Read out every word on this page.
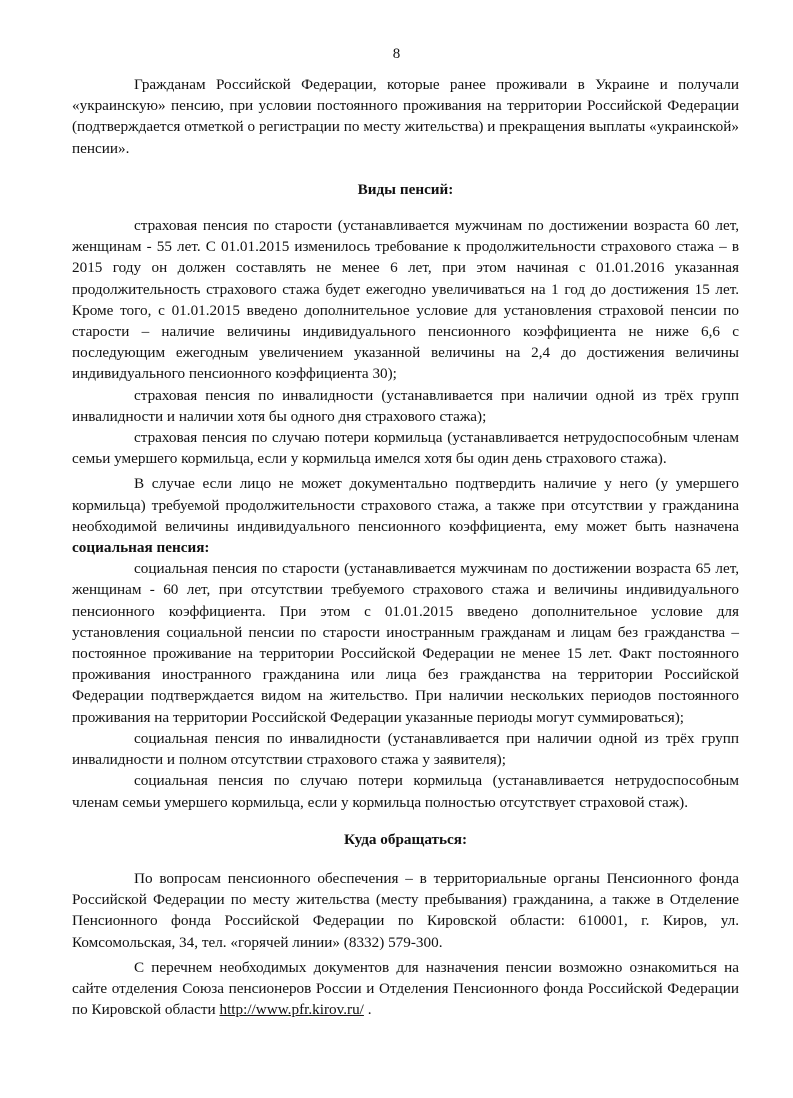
8

Гражданам Российской Федерации, которые ранее проживали в Украине и получали «украинскую» пенсию, при условии постоянного проживания на территории Российской Федерации (подтверждается отметкой о регистрации по месту жительства) и прекращения выплаты «украинской» пенсии».

Виды пенсий:

страховая пенсия по старости (устанавливается мужчинам по достижении возраста 60 лет, женщинам - 55 лет. С 01.01.2015 изменилось требование к продолжительности страхового стажа – в 2015 году он должен составлять не менее 6 лет, при этом начиная с 01.01.2016 указанная продолжительность страхового стажа будет ежегодно увеличиваться на 1 год до достижения 15 лет. Кроме того, с 01.01.2015 введено дополнительное условие для установления страховой пенсии по старости – наличие величины индивидуального пенсионного коэффициента не ниже 6,6 с последующим ежегодным увеличением указанной величины на 2,4 до достижения величины индивидуального пенсионного коэффициента 30);

страховая пенсия по инвалидности (устанавливается при наличии одной из трёх групп инвалидности и наличии хотя бы одного дня страхового стажа);

страховая пенсия по случаю потери кормильца (устанавливается нетрудоспособным членам семьи умершего кормильца, если у кормильца имелся хотя бы один день страхового стажа).

В случае если лицо не может документально подтвердить наличие у него (у умершего кормильца) требуемой продолжительности страхового стажа, а также при отсутствии у гражданина необходимой величины индивидуального пенсионного коэффициента, ему может быть назначена социальная пенсия:

социальная пенсия по старости (устанавливается мужчинам по достижении возраста 65 лет, женщинам - 60 лет, при отсутствии требуемого страхового стажа и величины индивидуального пенсионного коэффициента. При этом с 01.01.2015 введено дополнительное условие для установления социальной пенсии по старости иностранным гражданам и лицам без гражданства – постоянное проживание на территории Российской Федерации не менее 15 лет. Факт постоянного проживания иностранного гражданина или лица без гражданства на территории Российской Федерации подтверждается видом на жительство. При наличии нескольких периодов постоянного проживания на территории Российской Федерации указанные периоды могут суммироваться);

социальная пенсия по инвалидности (устанавливается при наличии одной из трёх групп инвалидности и полном отсутствии страхового стажа у заявителя);

социальная пенсия по случаю потери кормильца (устанавливается нетрудоспособным членам семьи умершего кормильца, если у кормильца полностью отсутствует страховой стаж).

Куда обращаться:

По вопросам пенсионного обеспечения – в территориальные органы Пенсионного фонда Российской Федерации по месту жительства (месту пребывания) гражданина, а также в Отделение Пенсионного фонда Российской Федерации по Кировской области: 610001, г. Киров, ул. Комсомольская, 34, тел. «горячей линии» (8332) 579-300.

С перечнем необходимых документов для назначения пенсии возможно ознакомиться на сайте отделения Союза пенсионеров России и Отделения Пенсионного фонда Российской Федерации по Кировской области http://www.pfr.kirov.ru/ .
